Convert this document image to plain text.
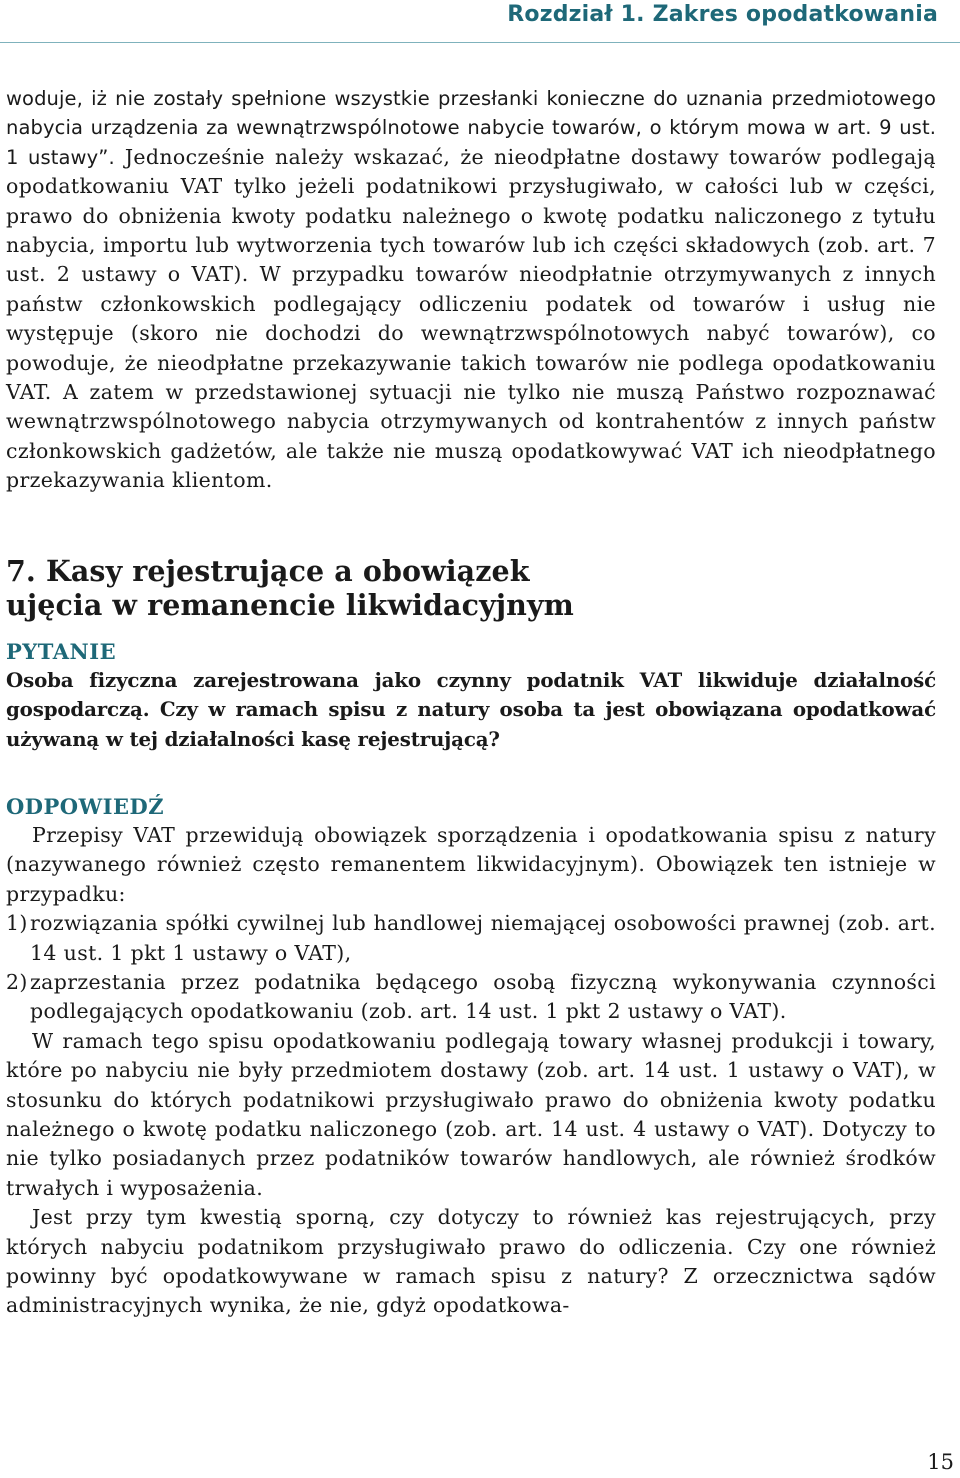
Rozdział 1. Zakres opodatkowania

woduje, iż nie zostały spełnione wszystkie przesłanki konieczne do uznania przedmiotowego nabycia urządzenia za wewnątrzwspólnotowe nabycie towarów, o którym mowa w art. 9 ust. 1 ustawy”. Jednocześnie należy wskazać, że nieodpłatne dostawy towarów podlegają opodatkowaniu VAT tylko jeżeli podatnikowi przysługiwało, w całości lub w części, prawo do obniżenia kwoty podatku należnego o kwotę podatku naliczonego z tytułu nabycia, importu lub wytworzenia tych towarów lub ich części składowych (zob. art. 7 ust. 2 ustawy o VAT). W przypadku towarów nieodpłatnie otrzymywanych z innych państw członkowskich podlegający odliczeniu podatek od towarów i usług nie występuje (skoro nie dochodzi do wewnątrzwspólnotowych nabyć towarów), co powoduje, że nieodpłatne przekazywanie takich towarów nie podlega opodatkowaniu VAT. A zatem w przedstawionej sytuacji nie tylko nie muszą Państwo rozpoznawać wewnątrzwspólnotowego nabycia otrzymywanych od kontrahentów z innych państw członkowskich gadżetów, ale także nie muszą opodatkowywać VAT ich nieodpłatnego przekazywania klientom.

7. Kasy rejestrujące a obowiązek
ujęcia w remanencie likwidacyjnym
PYTANIE

Osoba fizyczna zarejestrowana jako czynny podatnik VAT likwiduje działalność gospodarczą. Czy w ramach spisu z natury osoba ta jest obowiązana opodatkować używaną w tej działalności kasę rejestrującą?

ODPOWIEDŹ

Przepisy VAT przewidują obowiązek sporządzenia i opodatkowania spisu z natury (nazywanego również często remanentem likwidacyjnym). Obowiązek ten istnieje w przypadku:

1) rozwiązania spółki cywilnej lub handlowej niemającej osobowości prawnej (zob. art. 14 ust. 1 pkt 1 ustawy o VAT),
2) zaprzestania przez podatnika będącego osobą fizyczną wykonywania czynności podlegających opodatkowaniu (zob. art. 14 ust. 1 pkt 2 ustawy o VAT).

W ramach tego spisu opodatkowaniu podlegają towary własnej produkcji i towary, które po nabyciu nie były przedmiotem dostawy (zob. art. 14 ust. 1 ustawy o VAT), w stosunku do których podatnikowi przysługiwało prawo do obniżenia kwoty podatku należnego o kwotę podatku naliczonego (zob. art. 14 ust. 4 ustawy o VAT). Dotyczy to nie tylko posiadanych przez podatników towarów handlowych, ale również środków trwałych i wyposażenia.

Jest przy tym kwestią sporną, czy dotyczy to również kas rejestrujących, przy których nabyciu podatnikom przysługiwało prawo do odliczenia. Czy one również powinny być opodatkowywane w ramach spisu z natury? Z orzecznictwa sądów administracyjnych wynika, że nie, gdyż opodatkowa-

15
